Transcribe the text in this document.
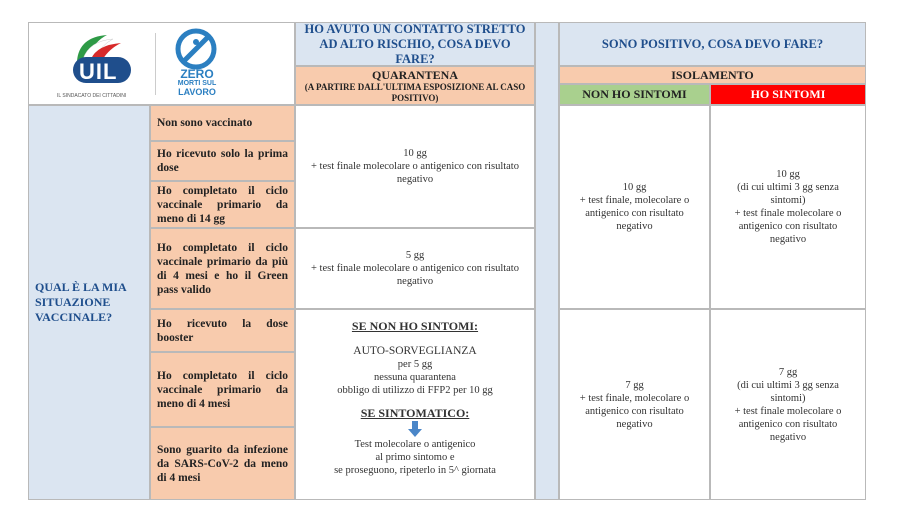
UIL
IL SINDACATO DEI CITTADINI
ZERO
MORTI SUL
LAVORO
HO AVUTO UN CONTATTO STRETTO AD ALTO RISCHIO, COSA DEVO FARE?
QUARANTENA
(A PARTIRE DALL'ULTIMA ESPOSIZIONE AL CASO POSITIVO)
SONO POSITIVO, COSA DEVO FARE?
ISOLAMENTO
NON HO SINTOMI	HO SINTOMI
QUAL È LA MIA SITUAZIONE VACCINALE?
Non sono vaccinato
Ho ricevuto solo la prima dose
Ho completato il ciclo vaccinale primario da meno di 14 gg
Ho completato il ciclo vaccinale primario da più di 4 mesi e ho il Green pass valido
Ho ricevuto la dose booster
Ho completato il ciclo vaccinale primario da meno di 4 mesi
Sono guarito da infezione da SARS-CoV-2 da meno di 4 mesi
10 gg
+ test finale molecolare o antigenico con risultato negativo
5 gg
+ test finale molecolare o antigenico con risultato negativo
SE NON HO SINTOMI:
AUTO-SORVEGLIANZA
per 5 gg
nessuna quarantena
obbligo di utilizzo di FFP2 per 10 gg
SE SINTOMATICO:
Test molecolare o antigenico
al primo sintomo e
se proseguono, ripeterlo in 5^ giornata
10 gg
+ test finale, molecolare o antigenico con risultato negativo
10 gg
(di cui ultimi 3 gg senza sintomi)
+ test finale molecolare o antigenico con risultato negativo
7 gg
+ test finale, molecolare o antigenico con risultato negativo
7 gg
(di cui ultimi 3 gg senza sintomi)
+ test finale molecolare o antigenico con risultato negativo
